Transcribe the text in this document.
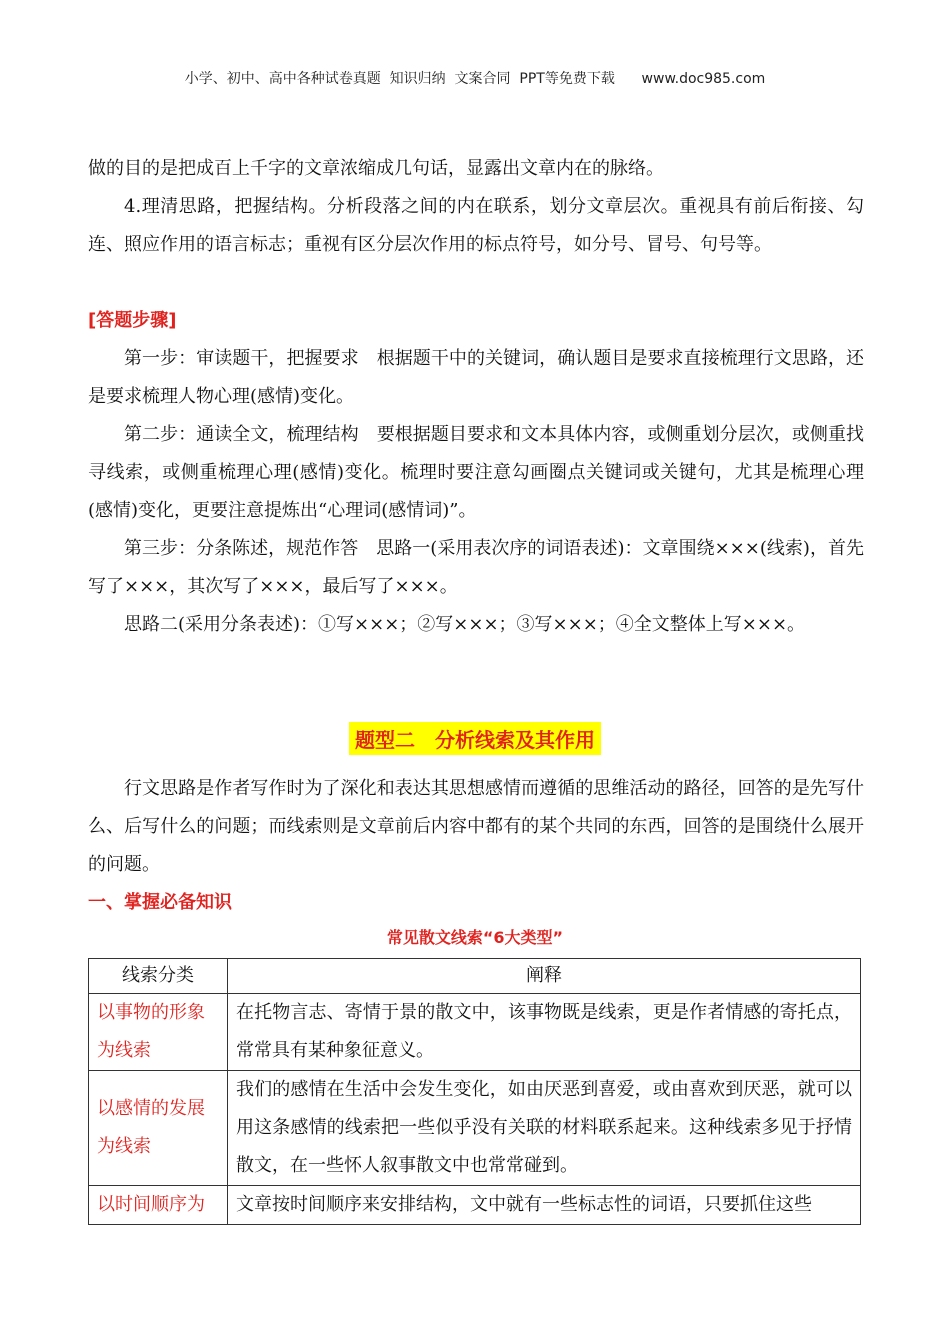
小学、初中、高中各种试卷真题  知识归纳  文案合同  PPT等免费下载 www.doc985.com
做的目的是把成百上千字的文章浓缩成几句话，显露出文章内在的脉络。
4.理清思路，把握结构。分析段落之间的内在联系，划分文章层次。重视具有前后衔接、勾连、照应作用的语言标志；重视有区分层次作用的标点符号，如分号、冒号、句号等。
[答题步骤]
第一步：审读题干，把握要求　根据题干中的关键词，确认题目是要求直接梳理行文思路，还是要求梳理人物心理(感情)变化。
第二步：通读全文，梳理结构　要根据题目要求和文本具体内容，或侧重划分层次，或侧重找寻线索，或侧重梳理心理(感情)变化。梳理时要注意勾画圈点关键词或关键句，尤其是梳理心理(感情)变化，更要注意提炼出“心理词(感情词)”。
第三步：分条陈述，规范作答　思路一(采用表次序的词语表述)：文章围绕×××(线索)，首先写了×××，其次写了×××，最后写了×××。
思路二(采用分条表述)：①写×××；②写×××；③写×××；④全文整体上写×××。
题型二　分析线索及其作用
行文思路是作者写作时为了深化和表达其思想感情而遵循的思维活动的路径，回答的是先写什么、后写什么的问题；而线索则是文章前后内容中都有的某个共同的东西，回答的是围绕什么展开的问题。
一、掌握必备知识
常见散文线索“6大类型”
线索分类	阐释
以事物的形象为线索	在托物言志、寄情于景的散文中，该事物既是线索，更是作者情感的寄托点，常常具有某种象征意义。
以感情的发展为线索	我们的感情在生活中会发生变化，如由厌恶到喜爱，或由喜欢到厌恶，就可以用这条感情的线索把一些似乎没有关联的材料联系起来。这种线索多见于抒情散文，在一些怀人叙事散文中也常常碰到。
以时间顺序为	文章按时间顺序来安排结构，文中就有一些标志性的词语，只要抓住这些
